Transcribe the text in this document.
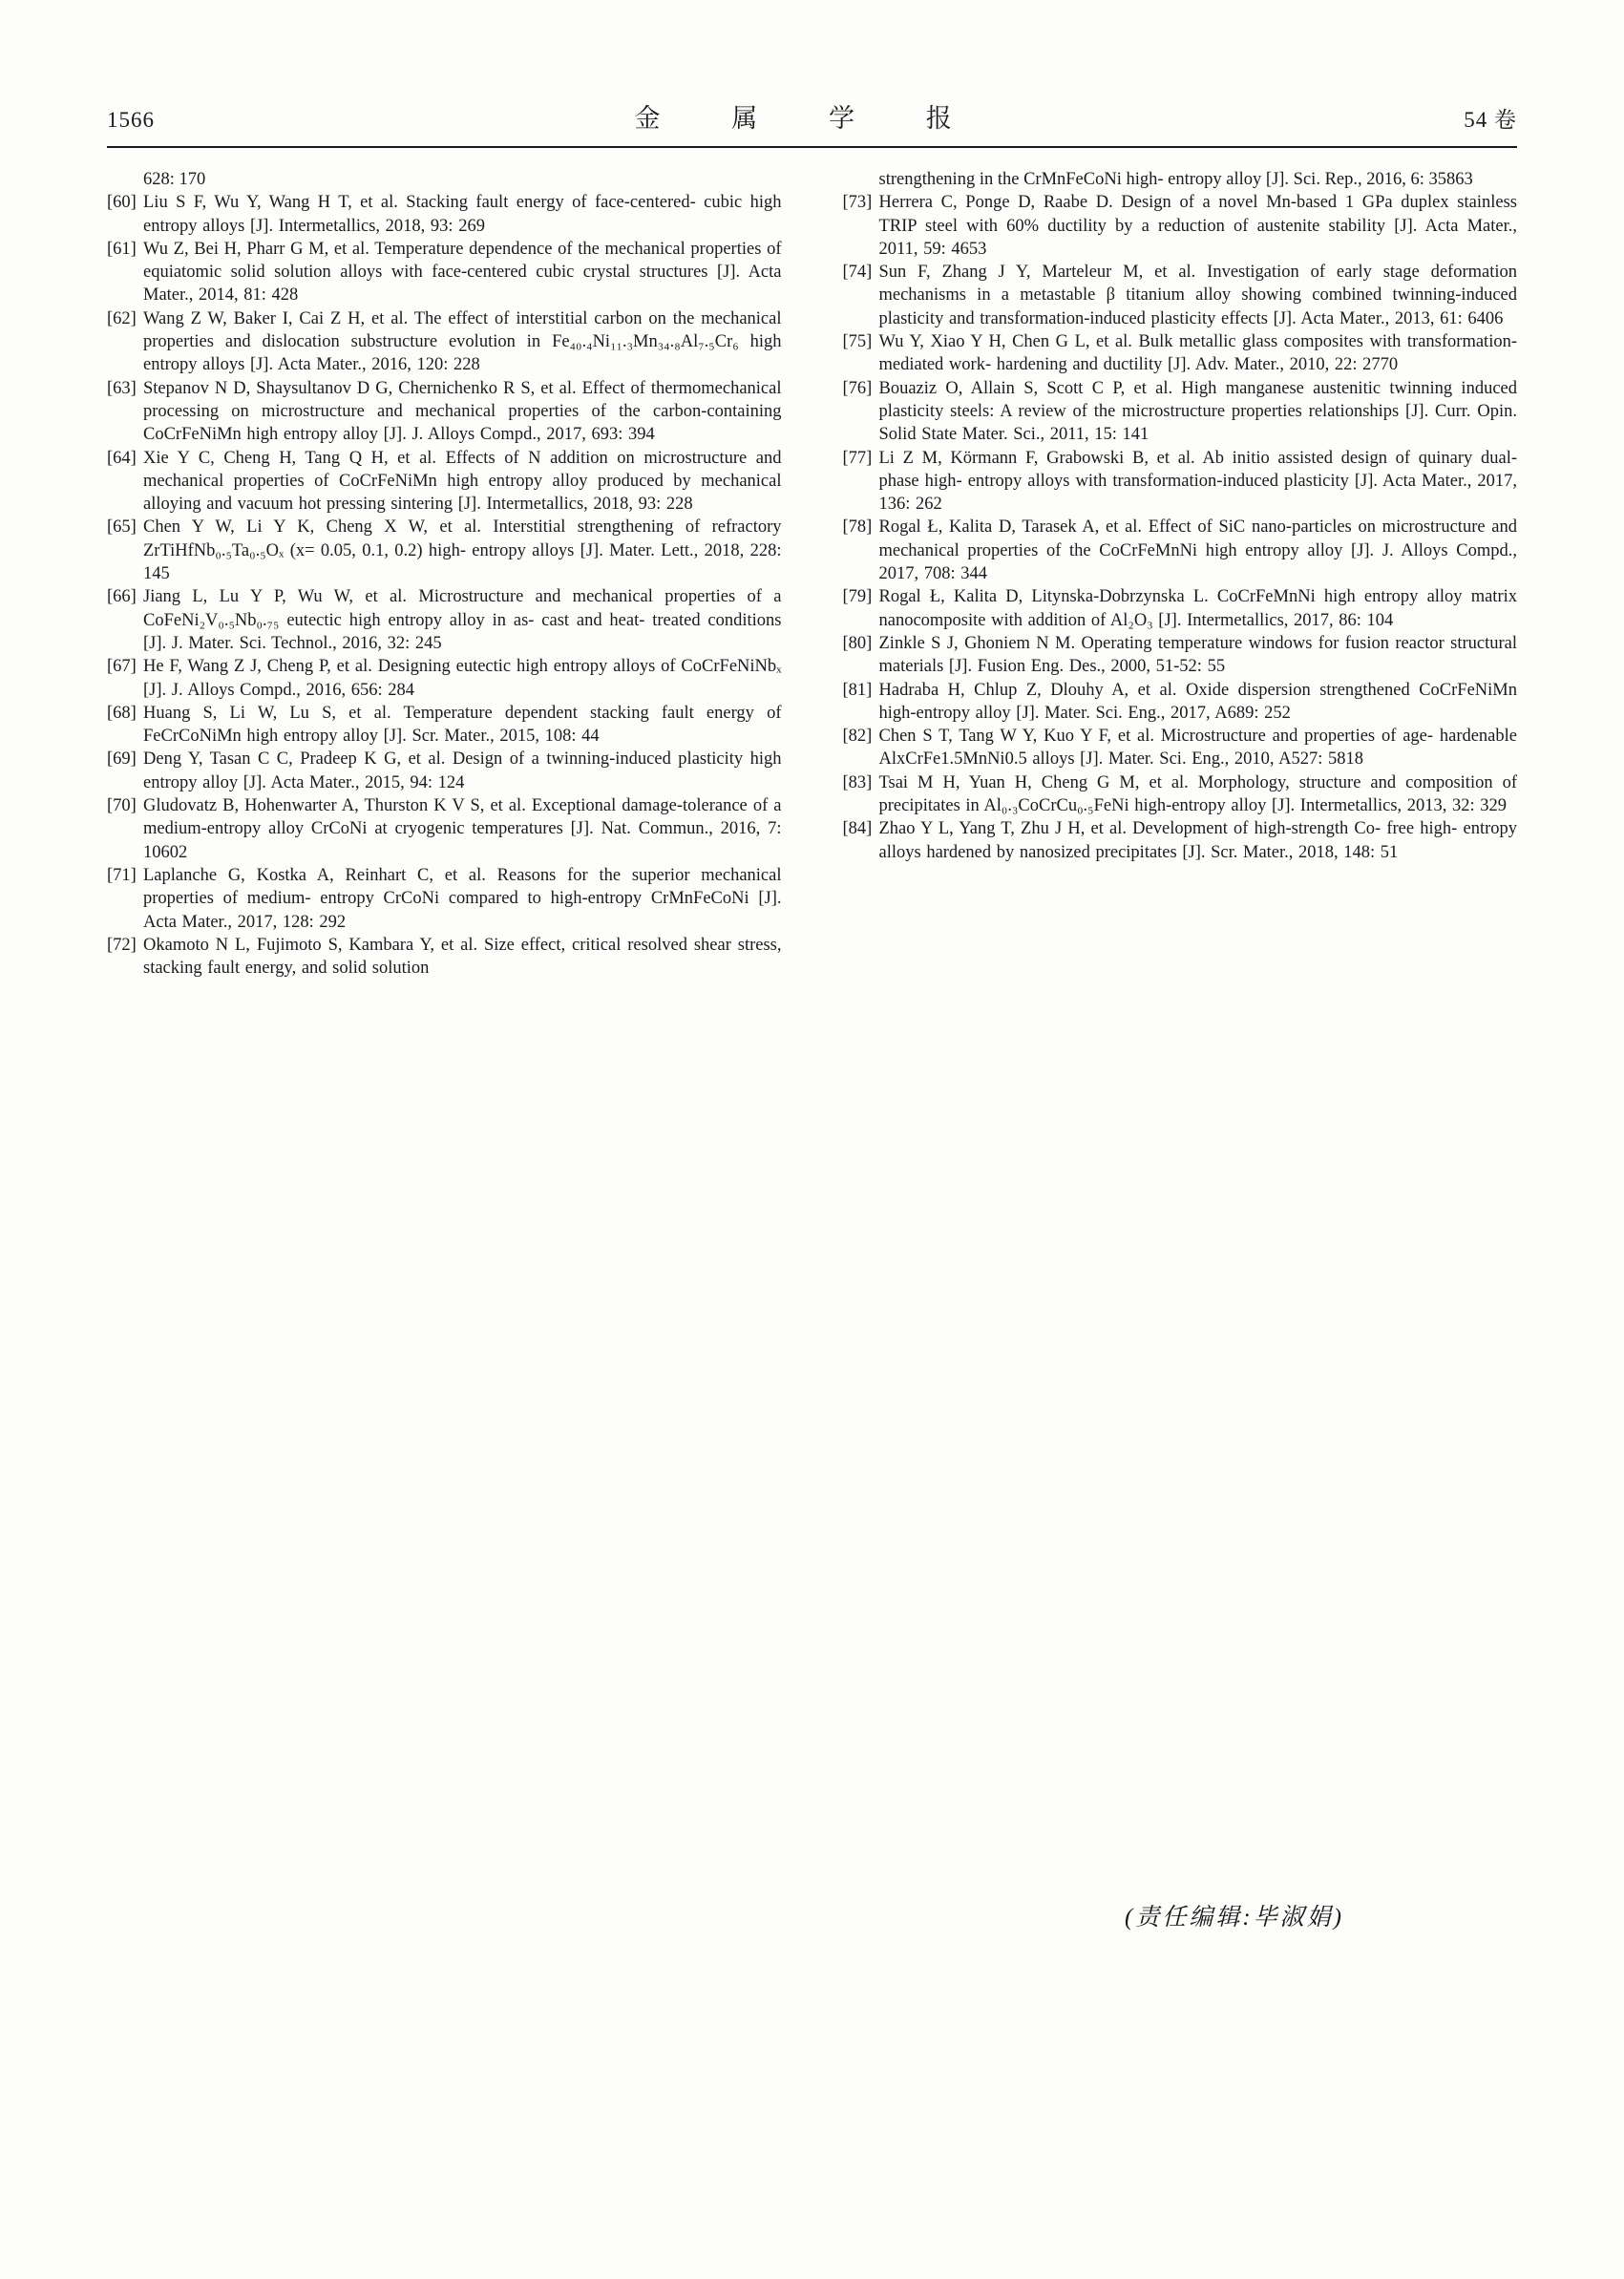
1566	金 属 学 报	54 卷

628: 170

[60] Liu S F, Wu Y, Wang H T, et al. Stacking fault energy of face-centered- cubic high entropy alloys [J]. Intermetallics, 2018, 93: 269
[61] Wu Z, Bei H, Pharr G M, et al. Temperature dependence of the mechanical properties of equiatomic solid solution alloys with face-centered cubic crystal structures [J]. Acta Mater., 2014, 81: 428
[62] Wang Z W, Baker I, Cai Z H, et al. The effect of interstitial carbon on the mechanical properties and dislocation substructure evolution in Fe₄₀.₄Ni₁₁.₃Mn₃₄.₈Al₇.₅Cr₆ high entropy alloys [J]. Acta Mater., 2016, 120: 228
[63] Stepanov N D, Shaysultanov D G, Chernichenko R S, et al. Effect of thermomechanical processing on microstructure and mechanical properties of the carbon-containing CoCrFeNiMn high entropy alloy [J]. J. Alloys Compd., 2017, 693: 394
[64] Xie Y C, Cheng H, Tang Q H, et al. Effects of N addition on microstructure and mechanical properties of CoCrFeNiMn high entropy alloy produced by mechanical alloying and vacuum hot pressing sintering [J]. Intermetallics, 2018, 93: 228
[65] Chen Y W, Li Y K, Cheng X W, et al. Interstitial strengthening of refractory ZrTiHfNb₀.₅Ta₀.₅Oₓ (x= 0.05, 0.1, 0.2) high- entropy alloys [J]. Mater. Lett., 2018, 228: 145
[66] Jiang L, Lu Y P, Wu W, et al. Microstructure and mechanical properties of a CoFeNi₂V₀.₅Nb₀.₇₅ eutectic high entropy alloy in as- cast and heat- treated conditions [J]. J. Mater. Sci. Technol., 2016, 32: 245
[67] He F, Wang Z J, Cheng P, et al. Designing eutectic high entropy alloys of CoCrFeNiNbₓ [J]. J. Alloys Compd., 2016, 656: 284
[68] Huang S, Li W, Lu S, et al. Temperature dependent stacking fault energy of FeCrCoNiMn high entropy alloy [J]. Scr. Mater., 2015, 108: 44
[69] Deng Y, Tasan C C, Pradeep K G, et al. Design of a twinning-induced plasticity high entropy alloy [J]. Acta Mater., 2015, 94: 124
[70] Gludovatz B, Hohenwarter A, Thurston K V S, et al. Exceptional damage-tolerance of a medium-entropy alloy CrCoNi at cryogenic temperatures [J]. Nat. Commun., 2016, 7: 10602
[71] Laplanche G, Kostka A, Reinhart C, et al. Reasons for the superior mechanical properties of medium- entropy CrCoNi compared to high-entropy CrMnFeCoNi [J]. Acta Mater., 2017, 128: 292
[72] Okamoto N L, Fujimoto S, Kambara Y, et al. Size effect, critical resolved shear stress, stacking fault energy, and solid solution

strengthening in the CrMnFeCoNi high- entropy alloy [J]. Sci. Rep., 2016, 6: 35863

[73] Herrera C, Ponge D, Raabe D. Design of a novel Mn-based 1 GPa duplex stainless TRIP steel with 60% ductility by a reduction of austenite stability [J]. Acta Mater., 2011, 59: 4653
[74] Sun F, Zhang J Y, Marteleur M, et al. Investigation of early stage deformation mechanisms in a metastable β titanium alloy showing combined twinning-induced plasticity and transformation-induced plasticity effects [J]. Acta Mater., 2013, 61: 6406
[75] Wu Y, Xiao Y H, Chen G L, et al. Bulk metallic glass composites with transformation- mediated work- hardening and ductility [J]. Adv. Mater., 2010, 22: 2770
[76] Bouaziz O, Allain S, Scott C P, et al. High manganese austenitic twinning induced plasticity steels: A review of the microstructure properties relationships [J]. Curr. Opin. Solid State Mater. Sci., 2011, 15: 141
[77] Li Z M, Körmann F, Grabowski B, et al. Ab initio assisted design of quinary dual- phase high- entropy alloys with transformation-induced plasticity [J]. Acta Mater., 2017, 136: 262
[78] Rogal Ł, Kalita D, Tarasek A, et al. Effect of SiC nano-particles on microstructure and mechanical properties of the CoCrFeMnNi high entropy alloy [J]. J. Alloys Compd., 2017, 708: 344
[79] Rogal Ł, Kalita D, Litynska-Dobrzynska L. CoCrFeMnNi high entropy alloy matrix nanocomposite with addition of Al₂O₃ [J]. Intermetallics, 2017, 86: 104
[80] Zinkle S J, Ghoniem N M. Operating temperature windows for fusion reactor structural materials [J]. Fusion Eng. Des., 2000, 51-52: 55
[81] Hadraba H, Chlup Z, Dlouhy A, et al. Oxide dispersion strengthened CoCrFeNiMn high-entropy alloy [J]. Mater. Sci. Eng., 2017, A689: 252
[82] Chen S T, Tang W Y, Kuo Y F, et al. Microstructure and properties of age- hardenable AlxCrFe1.5MnNi0.5 alloys [J]. Mater. Sci. Eng., 2010, A527: 5818
[83] Tsai M H, Yuan H, Cheng G M, et al. Morphology, structure and composition of precipitates in Al₀.₃CoCrCu₀.₅FeNi high-entropy alloy [J]. Intermetallics, 2013, 32: 329
[84] Zhao Y L, Yang T, Zhu J H, et al. Development of high-strength Co- free high- entropy alloys hardened by nanosized precipitates [J]. Scr. Mater., 2018, 148: 51
(责任编辑:毕淑娟)
